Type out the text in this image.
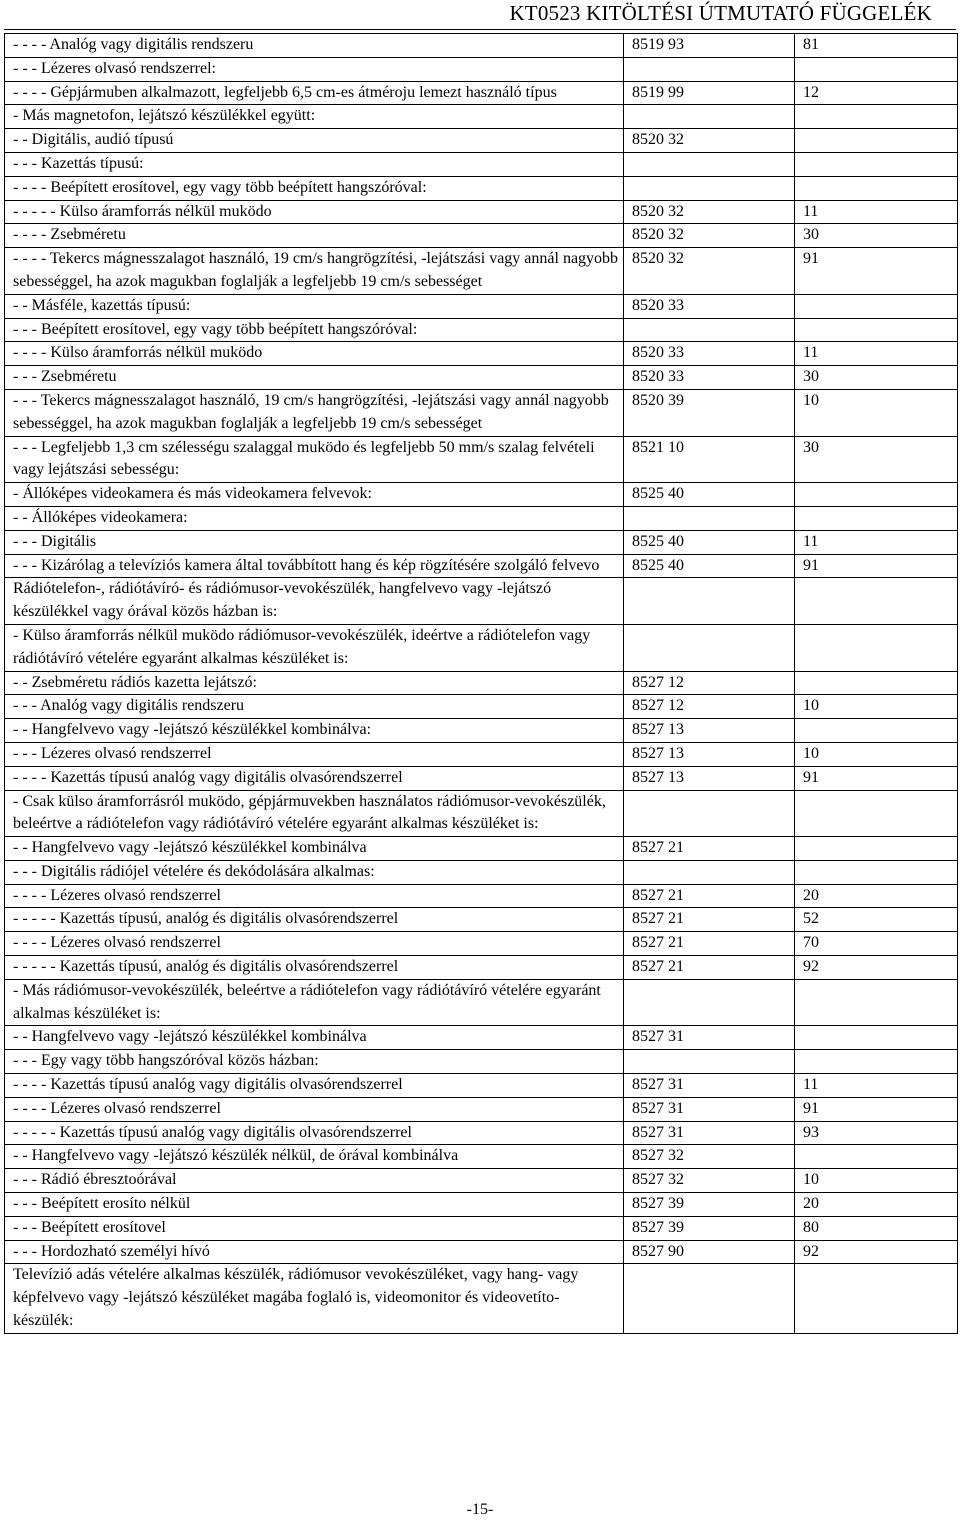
KT0523 KITÖLTÉSI ÚTMUTATÓ FÜGGELÉK
- - - - Analóg vagy digitális rendszeru	8519 93	81
- - - Lézeres olvasó rendszerrel:		
- - - - Gépjármuben alkalmazott, legfeljebb 6,5 cm-es átméroju lemezt használó típus	8519 99	12
- Más magnetofon, lejátszó készülékkel együtt:		
- - Digitális, audió típusú	8520 32	
- - - Kazettás típusú:		
- - - - Beépített erosítovel, egy vagy több beépített hangszóróval:		
- - - - - Külso áramforrás nélkül muködo	8520 32	11
- - - - Zsebméretu	8520 32	30
- - - - Tekercs mágnesszalagot használó, 19 cm/s hangrögzítési, -lejátszási vagy annál nagyobb sebességgel, ha azok magukban foglalják a legfeljebb 19 cm/s sebességet	8520 32	91
- - Másféle, kazettás típusú:	8520 33	
- - - Beépített erosítovel, egy vagy több beépített hangszóróval:		
- - - - Külso áramforrás nélkül muködo	8520 33	11
- - - Zsebméretu	8520 33	30
- - - Tekercs mágnesszalagot használó, 19 cm/s hangrögzítési, -lejátszási vagy annál nagyobb sebességgel, ha azok magukban foglalják a legfeljebb 19 cm/s sebességet	8520 39	10
- - - Legfeljebb 1,3 cm szélességu szalaggal muködo és legfeljebb 50 mm/s szalag felvételi vagy lejátszási sebességu:	8521 10	30
- Állóképes videokamera és más videokamera felvevok:	8525 40	
- - Állóképes videokamera:		
- - - Digitális	8525 40	11
- - - Kizárólag a televíziós kamera által továbbított hang és kép rögzítésére szolgáló felvevo	8525 40	91
Rádiótelefon-, rádiótávíró- és rádiómusor-vevokészülék, hangfelvevo vagy -lejátszó készülékkel vagy órával közös házban is:		
- Külso áramforrás nélkül muködo rádiómusor-vevokészülék, ideértve a rádiótelefon vagy rádiótávíró vételére egyaránt alkalmas készüléket is:		
- - Zsebméretu rádiós kazetta lejátszó:	8527 12	
- - - Analóg vagy digitális rendszeru	8527 12	10
- - Hangfelvevo vagy -lejátszó készülékkel kombinálva:	8527 13	
- - - Lézeres olvasó rendszerrel	8527 13	10
- - - - Kazettás típusú analóg vagy digitális olvasórendszerrel	8527 13	91
- Csak külso áramforrásról muködo, gépjármuvekben használatos rádiómusor-vevokészülék, beleértve a rádiótelefon vagy rádiótávíró vételére egyaránt alkalmas készüléket is:		
- - Hangfelvevo vagy -lejátszó készülékkel kombinálva	8527 21	
- - - Digitális rádiójel vételére és dekódolására alkalmas:		
- - - - Lézeres olvasó rendszerrel	8527 21	20
- - - - - Kazettás típusú, analóg és digitális olvasórendszerrel	8527 21	52
- - - - Lézeres olvasó rendszerrel	8527 21	70
- - - - - Kazettás típusú, analóg és digitális olvasórendszerrel	8527 21	92
- Más rádiómusor-vevokészülék, beleértve a rádiótelefon vagy rádiótávíró vételére egyaránt alkalmas készüléket is:		
- - Hangfelvevo vagy -lejátszó készülékkel kombinálva	8527 31	
- - - Egy vagy több hangszóróval közös házban:		
- - - - Kazettás típusú analóg vagy digitális olvasórendszerrel	8527 31	11
- - - - Lézeres olvasó rendszerrel	8527 31	91
- - - - - Kazettás típusú analóg vagy digitális olvasórendszerrel	8527 31	93
- - Hangfelvevo vagy -lejátszó készülék nélkül, de órával kombinálva	8527 32	
- - - Rádió ébresztoórával	8527 32	10
- - - Beépített erosíto nélkül	8527 39	20
- - - Beépített erosítovel	8527 39	80
- - - Hordozható személyi hívó	8527 90	92
Televízió adás vételére alkalmas készülék, rádiómusor vevokészüléket, vagy hang- vagy képfelvevo vagy -lejátszó készüléket magába foglaló is, videomonitor és videovetíto-készülék:		
-15-
